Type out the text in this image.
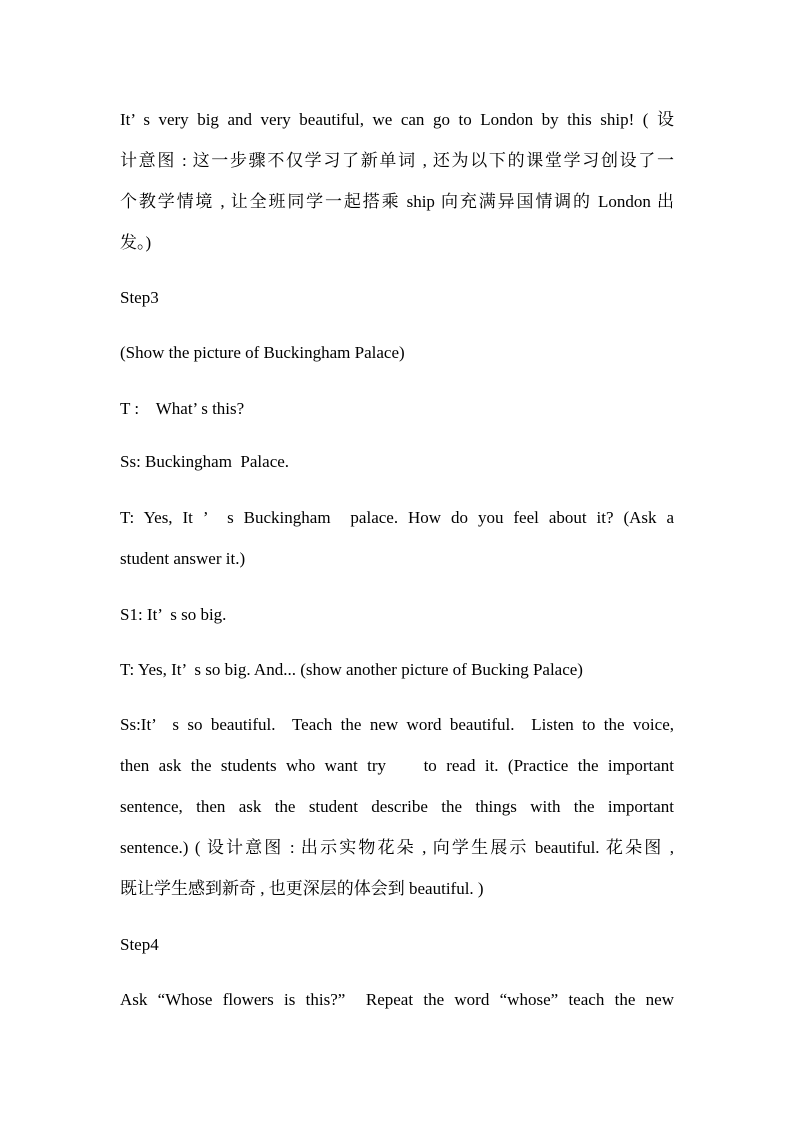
It’ s very big and very beautiful, we can go to London by this ship! ( 设
计意图 : 这一步骤不仅学习了新单词 , 还为以下的课堂学习创设了一
个教学情境 , 让全班同学一起搭乘 ship 向充满异国情调的 London 出
发。)
Step3
(Show the picture of Buckingham Palace)
T :    What’ s this?
Ss: Buckingham  Palace.
T: Yes, It ’  s Buckingham  palace. How do you feel about it? (Ask a
student answer it.)
S1: It’  s so big.
T: Yes, It’  s so big. And... (show another picture of Bucking Palace)
Ss:It’  s so beautiful.  Teach the new word beautiful.  Listen to the voice,
then ask the students who want try    to read it. (Practice the important
sentence, then ask the student describe the things with the important
sentence.) ( 设计意图 : 出示实物花朵 , 向学生展示 beautiful. 花朵图 ,
既让学生感到新奇 , 也更深层的体会到 beautiful. )
Step4
Ask “Whose flowers is this?”  Repeat the word “whose” teach the new
